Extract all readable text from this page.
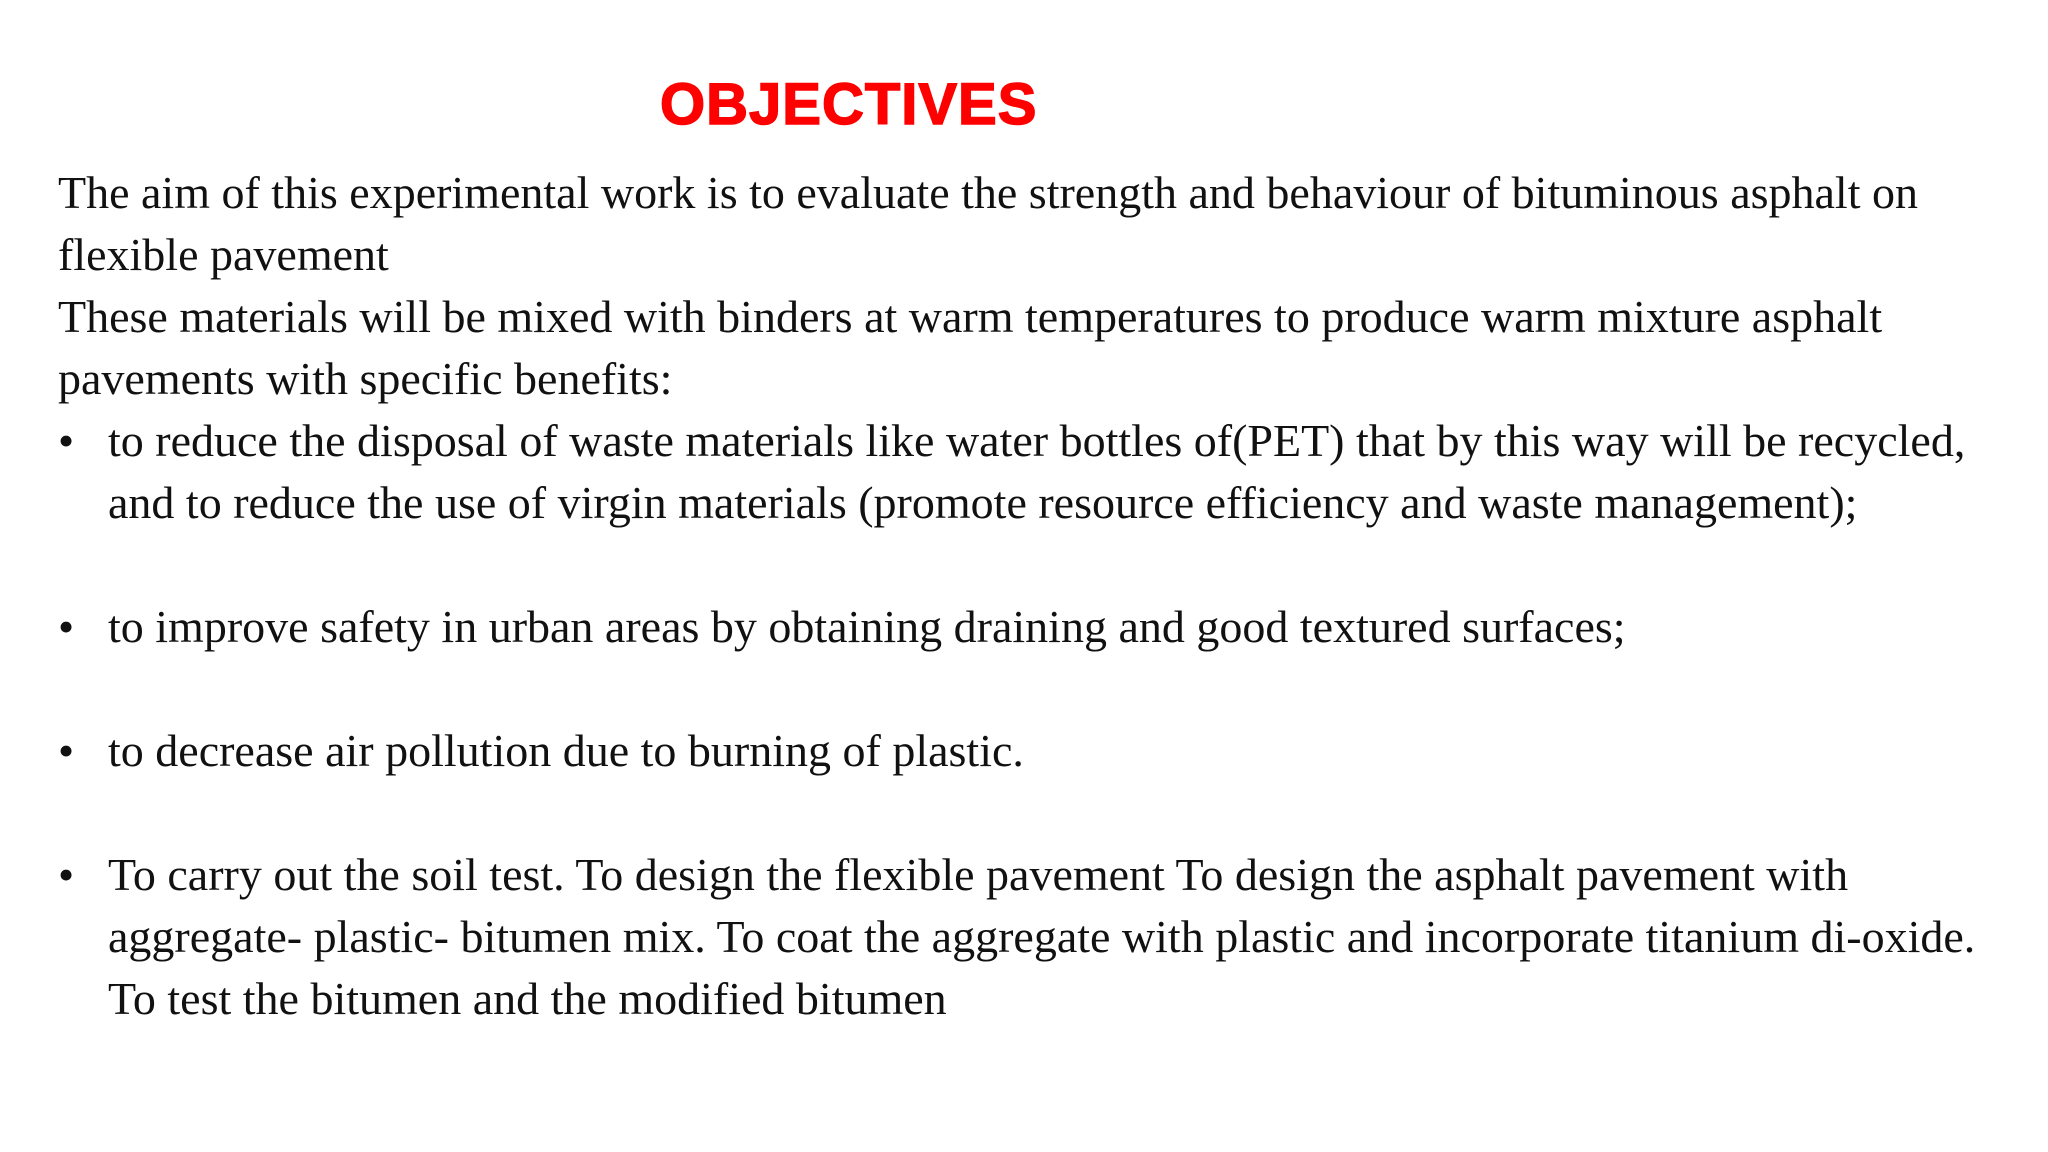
OBJECTIVES

The aim of this experimental work is to evaluate the strength and behaviour of bituminous asphalt on flexible pavement

These materials will be mixed with binders at warm temperatures to produce warm mixture asphalt pavements with specific benefits:

• to reduce the disposal of waste materials like water bottles of(PET) that by this way will be recycled, and to reduce the use of virgin materials (promote resource efficiency and waste management);
• to improve safety in urban areas by obtaining draining and good textured surfaces;
• to decrease air pollution due to burning of plastic.
• To carry out the soil test. To design the flexible pavement To design the asphalt pavement with aggregate- plastic- bitumen mix. To coat the aggregate with plastic and incorporate titanium di-oxide. To test the bitumen and the modified bitumen
